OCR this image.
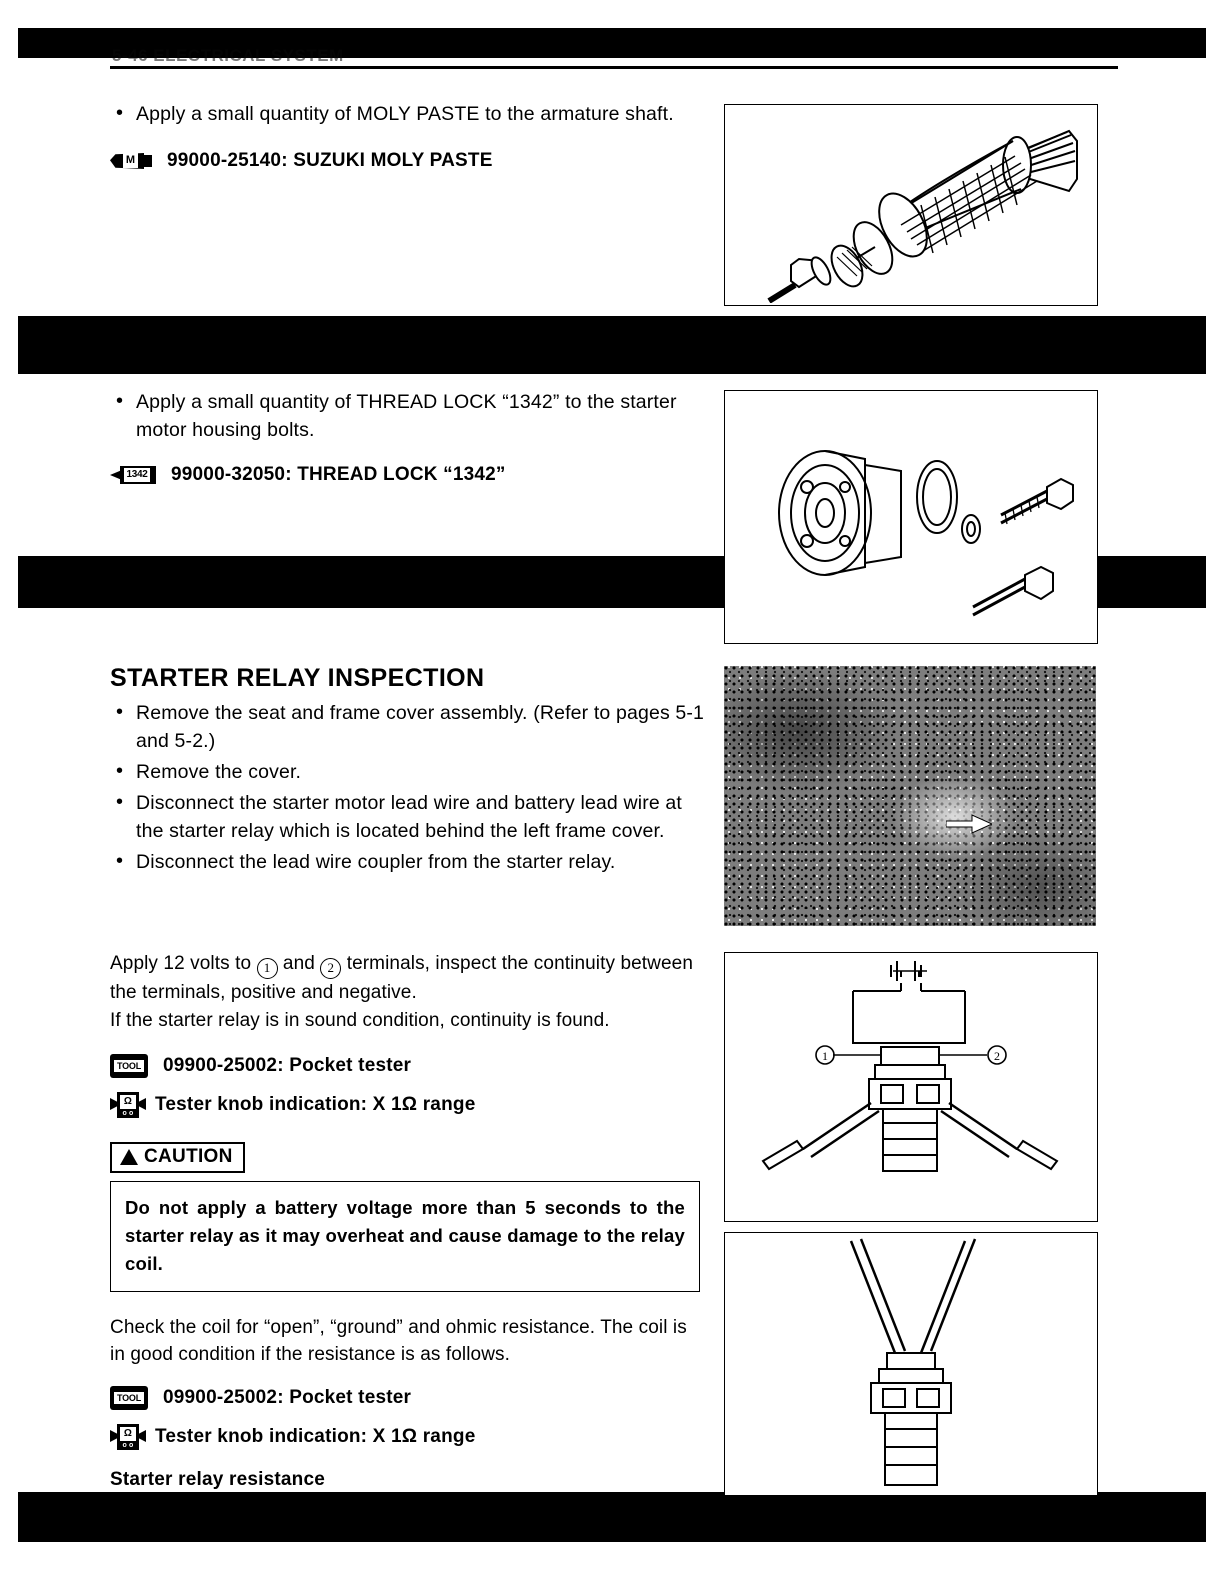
5-46 ELECTRICAL SYSTEM
• Apply a small quantity of MOLY PASTE to the armature shaft.
M 99000-25140: SUZUKI MOLY PASTE
• Apply a small quantity of THREAD LOCK “1342” to the starter motor housing bolts.
1342 99000-32050: THREAD LOCK “1342”
STARTER RELAY INSPECTION
• Remove the seat and frame cover assembly. (Refer to pages 5-1 and 5-2.)
• Remove the cover.
• Disconnect the starter motor lead wire and battery lead wire at the starter relay which is located behind the left frame cover.
• Disconnect the lead wire coupler from the starter relay.

Apply 12 volts to 1 and 2 terminals, inspect the continuity between the terminals, positive and negative.

If the starter relay is in sound condition, continuity is found.

TOOL 09900-25002: Pocket tester
Ω
o o Tester knob indication: X 1Ω range
CAUTION
Do not apply a battery voltage more than 5 seconds to the starter relay as it may overheat and cause damage to the relay coil.

Check the coil for “open”, “ground” and ohmic resistance. The coil is in good condition if the resistance is as follows.

TOOL 09900-25002: Pocket tester
Ω
o o Tester knob indication: X 1Ω range
Starter relay resistance
Standard: 3–5Ω
1	2
